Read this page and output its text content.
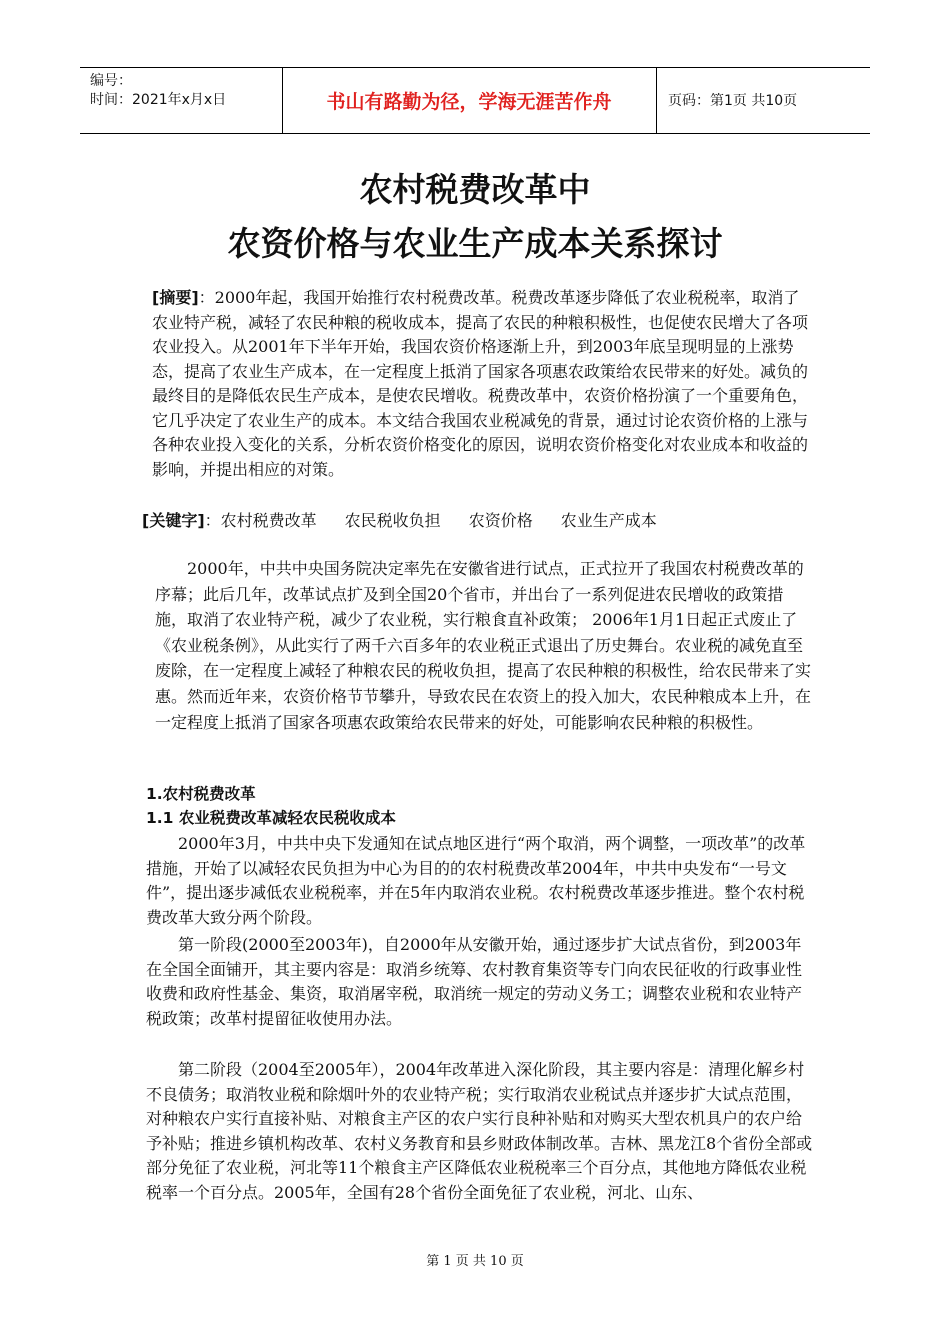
编号：
时间：2021年x月x日	书山有路勤为径，学海无涯苦作舟	页码：第1页 共10页
农村税费改革中
农资价格与农业生产成本关系探讨
[摘要]：2000年起，我国开始推行农村税费改革。税费改革逐步降低了农业税税率，取消了农业特产税，减轻了农民种粮的税收成本，提高了农民的种粮积极性，也促使农民增大了各项农业投入。从2001年下半年开始，我国农资价格逐渐上升，到2003年底呈现明显的上涨势态，提高了农业生产成本，在一定程度上抵消了国家各项惠农政策给农民带来的好处。减负的最终目的是降低农民生产成本，是使农民增收。税费改革中，农资价格扮演了一个重要角色，它几乎决定了农业生产的成本。本文结合我国农业税减免的背景，通过讨论农资价格的上涨与各种农业投入变化的关系，分析农资价格变化的原因，说明农资价格变化对农业成本和收益的影响，并提出相应的对策。
[关键字]：农村税费改革 农民税收负担 农资价格 农业生产成本
2000年，中共中央国务院决定率先在安徽省进行试点，正式拉开了我国农村税费改革的序幕；此后几年，改革试点扩及到全国20个省市，并出台了一系列促进农民增收的政策措施，取消了农业特产税，减少了农业税，实行粮食直补政策； 2006年1月1日起正式废止了《农业税条例》，从此实行了两千六百多年的农业税正式退出了历史舞台。农业税的减免直至废除，在一定程度上减轻了种粮农民的税收负担，提高了农民种粮的积极性，给农民带来了实惠。然而近年来，农资价格节节攀升，导致农民在农资上的投入加大，农民种粮成本上升，在一定程度上抵消了国家各项惠农政策给农民带来的好处，可能影响农民种粮的积极性。
1.农村税费改革
1.1 农业税费改革减轻农民税收成本

2000年3月，中共中央下发通知在试点地区进行“两个取消，两个调整，一项改革”的改革措施，开始了以减轻农民负担为中心为目的的农村税费改革2004年，中共中央发布“一号文件”，提出逐步减低农业税税率，并在5年内取消农业税。农村税费改革逐步推进。整个农村税费改革大致分两个阶段。

第一阶段(2000至2003年)，自2000年从安徽开始，通过逐步扩大试点省份，到2003年在全国全面铺开，其主要内容是：取消乡统筹、农村教育集资等专门向农民征收的行政事业性收费和政府性基金、集资，取消屠宰税，取消统一规定的劳动义务工；调整农业税和农业特产税政策；改革村提留征收使用办法。

第二阶段（2004至2005年），2004年改革进入深化阶段，其主要内容是：清理化解乡村不良债务；取消牧业税和除烟叶外的农业特产税；实行取消农业税试点并逐步扩大试点范围，对种粮农户实行直接补贴、对粮食主产区的农户实行良种补贴和对购买大型农机具户的农户给予补贴；推进乡镇机构改革、农村义务教育和县乡财政体制改革。吉林、黑龙江8个省份全部或部分免征了农业税，河北等11个粮食主产区降低农业税税率三个百分点，其他地方降低农业税税率一个百分点。2005年，全国有28个省份全面免征了农业税，河北、山东、

第 1 页 共 10 页
